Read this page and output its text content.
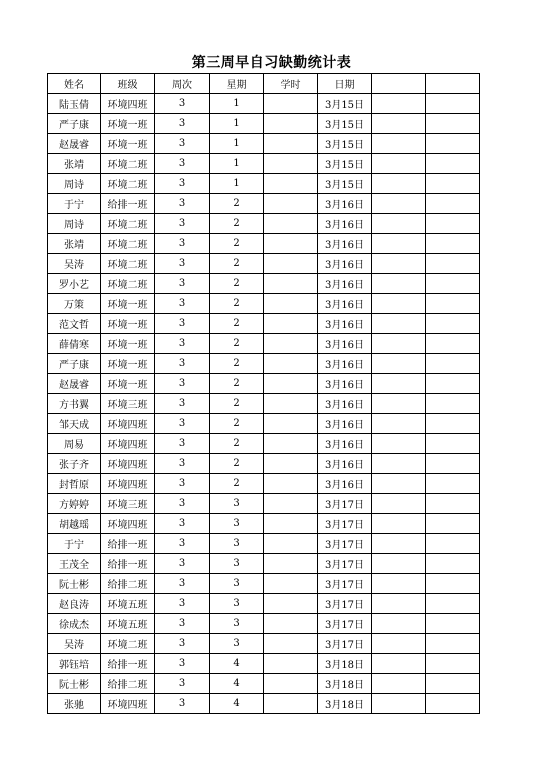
第三周早自习缺勤统计表
姓名	班级	周次	星期	学时	日期		
陆玉倩	环境四班	3	1		3月15日		
严子康	环境一班	3	1		3月15日		
赵晟睿	环境一班	3	1		3月15日		
张靖	环境二班	3	1		3月15日		
周诗	环境二班	3	1		3月15日		
于宁	给排一班	3	2		3月16日		
周诗	环境二班	3	2		3月16日		
张靖	环境二班	3	2		3月16日		
吴涛	环境二班	3	2		3月16日		
罗小艺	环境二班	3	2		3月16日		
万策	环境一班	3	2		3月16日		
范文哲	环境一班	3	2		3月16日		
薛倩寒	环境一班	3	2		3月16日		
严子康	环境一班	3	2		3月16日		
赵晟睿	环境一班	3	2		3月16日		
方书翼	环境三班	3	2		3月16日		
邹天成	环境四班	3	2		3月16日		
周易	环境四班	3	2		3月16日		
张子齐	环境四班	3	2		3月16日		
封哲原	环境四班	3	2		3月16日		
方婷婷	环境三班	3	3		3月17日		
胡越瑶	环境四班	3	3		3月17日		
于宁	给排一班	3	3		3月17日		
王茂全	给排一班	3	3		3月17日		
阮士彬	给排二班	3	3		3月17日		
赵良涛	环境五班	3	3		3月17日		
徐成杰	环境五班	3	3		3月17日		
吴涛	环境二班	3	3		3月17日		
郭钰培	给排一班	3	4		3月18日		
阮士彬	给排二班	3	4		3月18日		
张驰	环境四班	3	4		3月18日		
